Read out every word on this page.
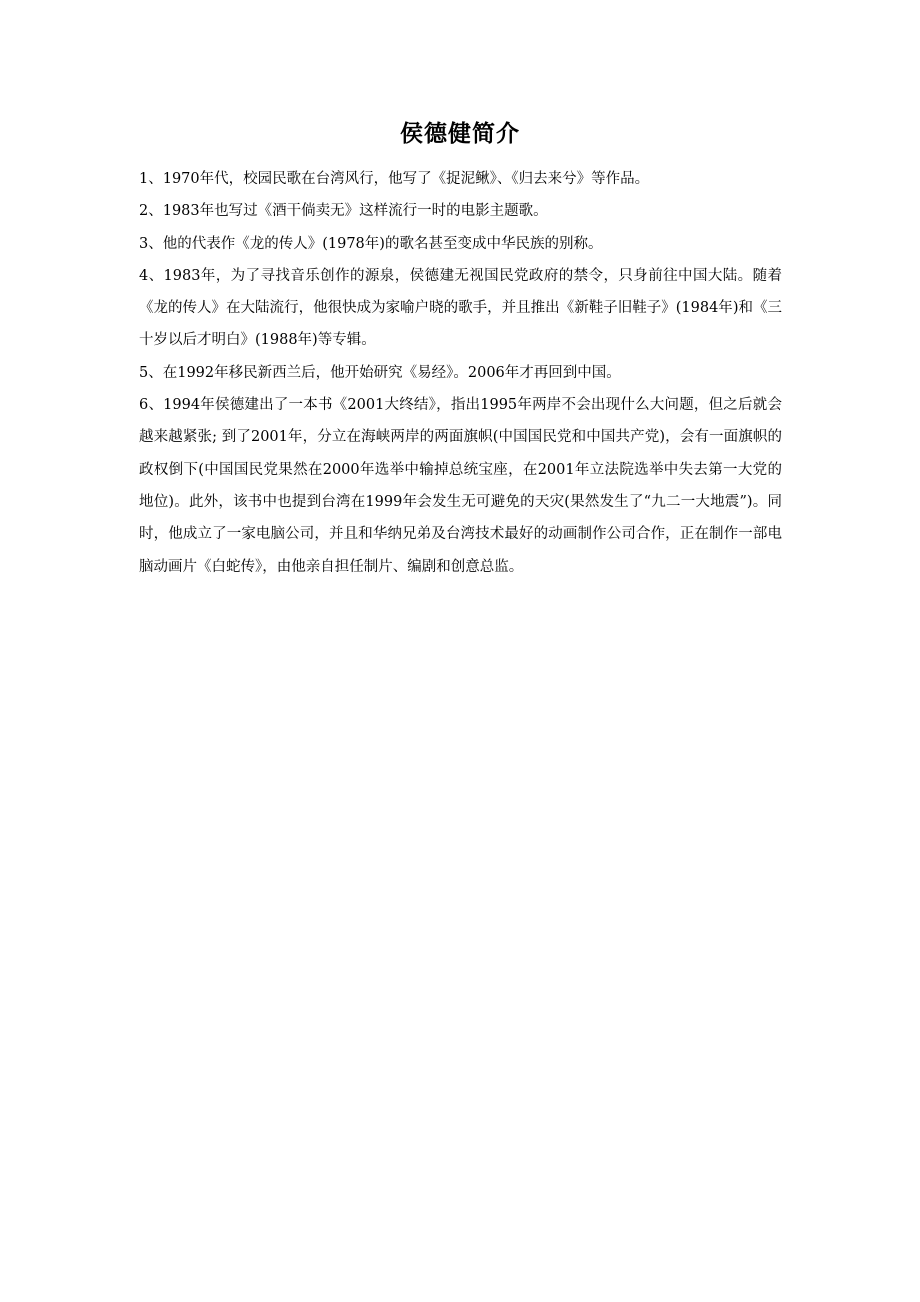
侯德健简介

1、1970年代，校园民歌在台湾风行，他写了《捉泥鳅》、《归去来兮》等作品。

2、1983年也写过《酒干倘卖无》这样流行一时的电影主题歌。

3、他的代表作《龙的传人》(1978年)的歌名甚至变成中华民族的别称。

4、1983年，为了寻找音乐创作的源泉，侯德建无视国民党政府的禁令，只身前往中国大陆。随着《龙的传人》在大陆流行，他很快成为家喻户晓的歌手，并且推出《新鞋子旧鞋子》(1984年)和《三十岁以后才明白》(1988年)等专辑。

5、在1992年移民新西兰后，他开始研究《易经》。2006年才再回到中国。

6、1994年侯德建出了一本书《2001大终结》，指出1995年两岸不会出现什么大问题，但之后就会越来越紧张; 到了2001年，分立在海峡两岸的两面旗帜(中国国民党和中国共产党)，会有一面旗帜的政权倒下(中国国民党果然在2000年选举中输掉总统宝座，在2001年立法院选举中失去第一大党的地位)。此外，该书中也提到台湾在1999年会发生无可避免的天灾(果然发生了“九二一大地震”)。同时，他成立了一家电脑公司，并且和华纳兄弟及台湾技术最好的动画制作公司合作，正在制作一部电脑动画片《白蛇传》，由他亲自担任制片、编剧和创意总监。
